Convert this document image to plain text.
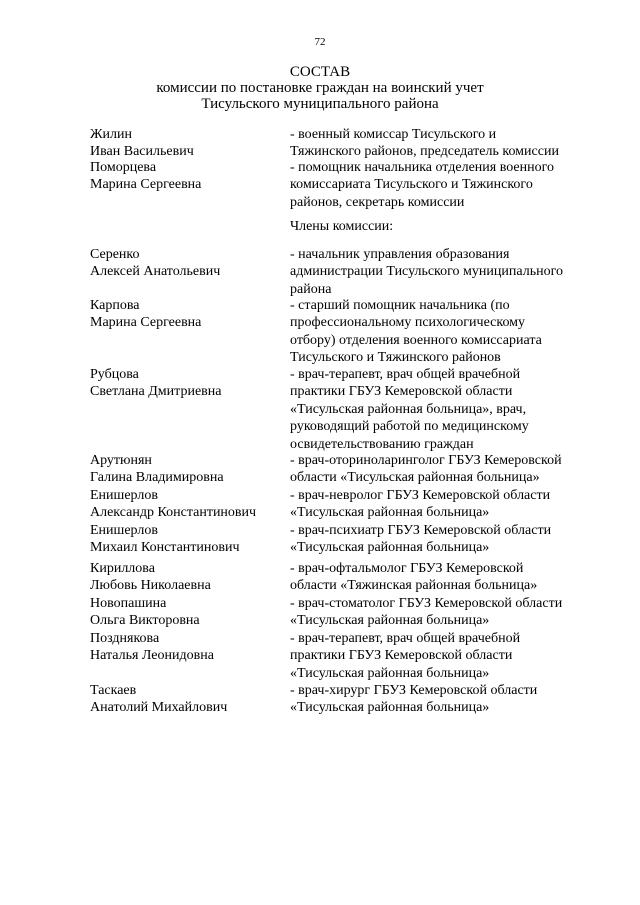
72
СОСТАВ
комиссии по постановке граждан на воинский учет
Тисульского муниципального района
Жилин
Иван Васильевич
- военный комиссар Тисульского и
Тяжинского районов, председатель комиссии
Поморцева
Марина Сергеевна
- помощник начальника отделения военного
комиссариата Тисульского и Тяжинского
районов, секретарь комиссии
Члены комиссии:
Серенко
Алексей Анатольевич
- начальник управления образования
администрации Тисульского муниципального
района
Карпова
Марина Сергеевна
- старший помощник начальника (по
профессиональному психологическому
отбору) отделения военного комиссариата
Тисульского и Тяжинского районов
Рубцова
Светлана Дмитриевна
- врач-терапевт, врач общей врачебной
практики ГБУЗ Кемеровской области
«Тисульская районная больница», врач,
руководящий работой по медицинскому
освидетельствованию граждан
Арутюнян
Галина Владимировна
- врач-оториноларинголог ГБУЗ Кемеровской
области «Тисульская районная больница»
Енишерлов
Александр Константинович
- врач-невролог ГБУЗ Кемеровской области
«Тисульская районная больница»
Енишерлов
Михаил Константинович
- врач-психиатр ГБУЗ Кемеровской области
«Тисульская районная больница»
Кириллова
Любовь Николаевна
- врач-офтальмолог ГБУЗ Кемеровской
области «Тяжинская районная больница»
Новопашина
Ольга Викторовна
- врач-стоматолог ГБУЗ Кемеровской области
«Тисульская районная больница»
Позднякова
Наталья Леонидовна
- врач-терапевт, врач общей врачебной
практики ГБУЗ Кемеровской области
«Тисульская районная больница»
Таскаев
Анатолий Михайлович
- врач-хирург ГБУЗ Кемеровской области
«Тисульская районная больница»
